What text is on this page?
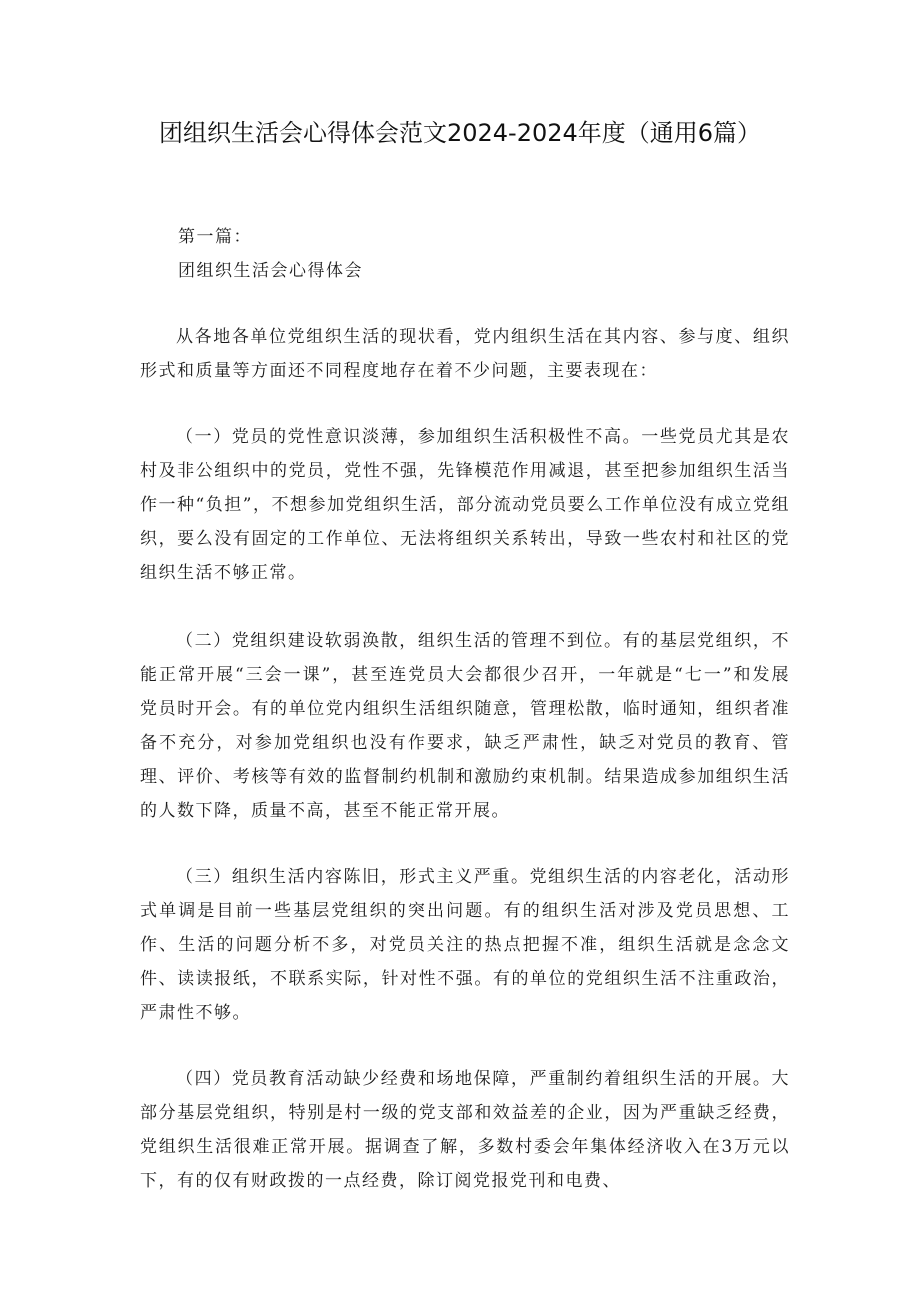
团组织生活会心得体会范文2024-2024年度（通用6篇）

第一篇：

团组织生活会心得体会

从各地各单位党组织生活的现状看，党内组织生活在其内容、参与度、组织形式和质量等方面还不同程度地存在着不少问题，主要表现在：

（一）党员的党性意识淡薄，参加组织生活积极性不高。一些党员尤其是农村及非公组织中的党员，党性不强，先锋模范作用减退，甚至把参加组织生活当作一种“负担”，不想参加党组织生活，部分流动党员要么工作单位没有成立党组织，要么没有固定的工作单位、无法将组织关系转出，导致一些农村和社区的党组织生活不够正常。

（二）党组织建设软弱涣散，组织生活的管理不到位。有的基层党组织，不能正常开展“三会一课”，甚至连党员大会都很少召开，一年就是“七一”和发展党员时开会。有的单位党内组织生活组织随意，管理松散，临时通知，组织者准备不充分，对参加党组织也没有作要求，缺乏严肃性，缺乏对党员的教育、管理、评价、考核等有效的监督制约机制和激励约束机制。结果造成参加组织生活的人数下降，质量不高，甚至不能正常开展。

（三）组织生活内容陈旧，形式主义严重。党组织生活的内容老化，活动形式单调是目前一些基层党组织的突出问题。有的组织生活对涉及党员思想、工作、生活的问题分析不多，对党员关注的热点把握不准，组织生活就是念念文件、读读报纸，不联系实际，针对性不强。有的单位的党组织生活不注重政治，严肃性不够。

（四）党员教育活动缺少经费和场地保障，严重制约着组织生活的开展。大部分基层党组织，特别是村一级的党支部和效益差的企业，因为严重缺乏经费，党组织生活很难正常开展。据调查了解，多数村委会年集体经济收入在3万元以下，有的仅有财政拨的一点经费，除订阅党报党刊和电费、
